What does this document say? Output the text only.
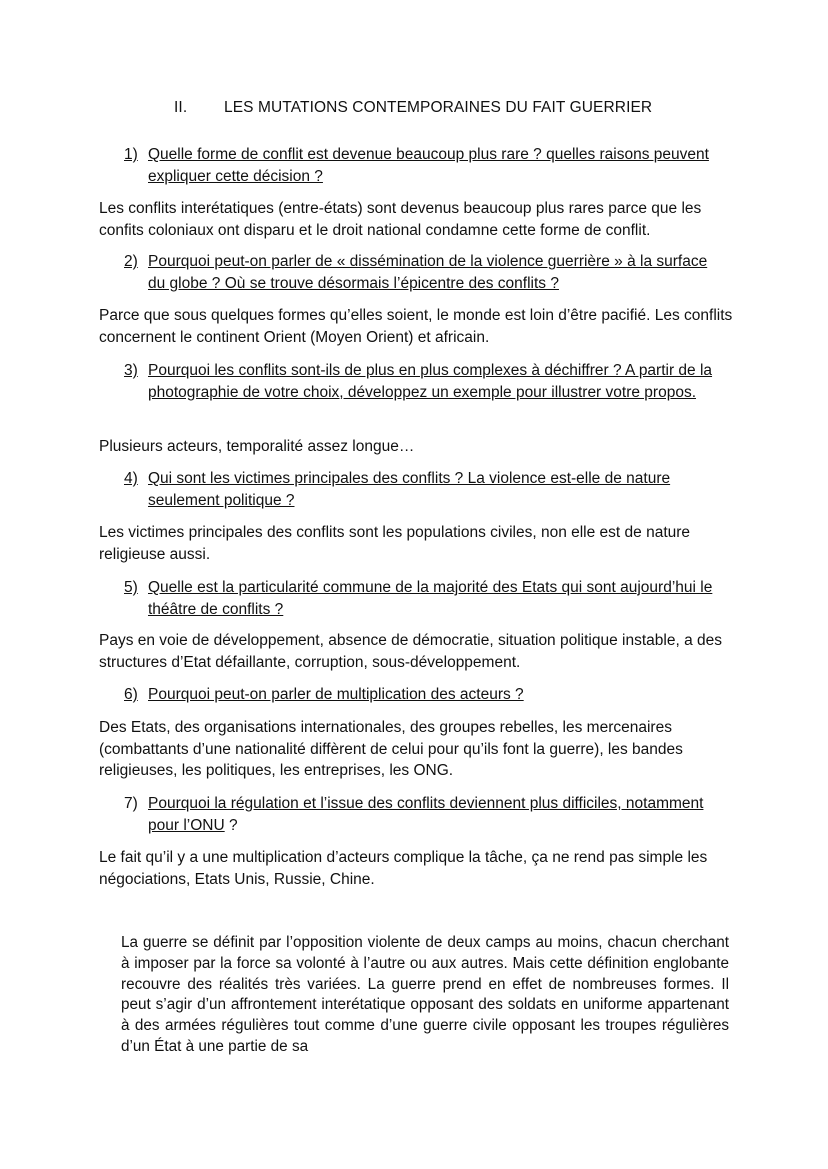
II. LES MUTATIONS CONTEMPORAINES DU FAIT GUERRIER
1) Quelle forme de conflit est devenue beaucoup plus rare ? quelles raisons peuvent expliquer cette décision ?
Les conflits interétatiques (entre-états) sont devenus beaucoup plus rares parce que les confits coloniaux ont disparu et le droit national condamne cette forme de conflit.
2) Pourquoi peut-on parler de « dissémination de la violence guerrière » à la surface du globe ? Où se trouve désormais l’épicentre des conflits ?
Parce que sous quelques formes qu’elles soient, le monde est loin d’être pacifié. Les conflits concernent le continent Orient (Moyen Orient) et africain.
3) Pourquoi les conflits sont-ils de plus en plus complexes à déchiffrer ? A partir de la photographie de votre choix, développez un exemple pour illustrer votre propos.
Plusieurs acteurs, temporalité assez longue…
4) Qui sont les victimes principales des conflits ? La violence est-elle de nature seulement politique ?
Les victimes principales des conflits sont les populations civiles, non elle est de nature religieuse aussi.
5) Quelle est la particularité commune de la majorité des Etats qui sont aujourd’hui le théâtre de conflits ?
Pays en voie de développement, absence de démocratie, situation politique instable, a des structures d’Etat défaillante, corruption, sous-développement.
6) Pourquoi peut-on parler de multiplication des acteurs ?
Des Etats, des organisations internationales, des groupes rebelles, les mercenaires (combattants d’une nationalité diffèrent de celui pour qu’ils font la guerre), les bandes religieuses, les politiques, les entreprises, les ONG.
7) Pourquoi la régulation et l’issue des conflits deviennent plus difficiles, notamment pour l’ONU ?
Le fait qu’il y a une multiplication d’acteurs complique la tâche, ça ne rend pas simple les négociations, Etats Unis, Russie, Chine.
La guerre se définit par l’opposition violente de deux camps au moins, chacun cherchant à imposer par la force sa volonté à l’autre ou aux autres. Mais cette définition englobante recouvre des réalités très variées. La guerre prend en effet de nombreuses formes. Il peut s’agir d’un affrontement interétatique opposant des soldats en uniforme appartenant à des armées régulières tout comme d’une guerre civile opposant les troupes régulières d’un État à une partie de sa
